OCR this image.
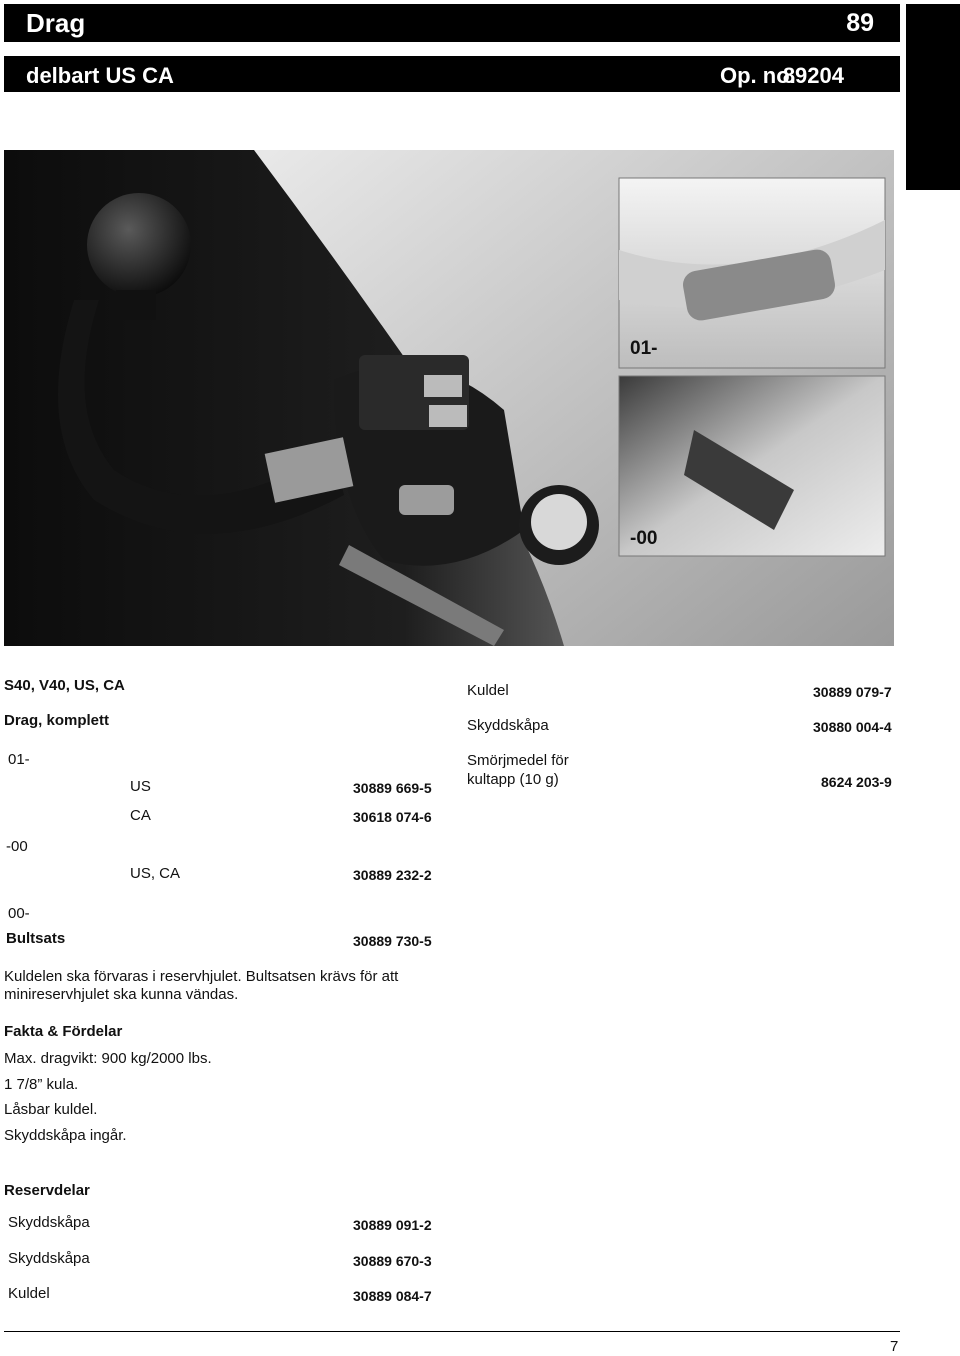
Drag	89
delbart US CA	Op. no.
89204
01-
-00
S40, V40, US, CA
Drag, komplett
01-
US	30889 669-5
CA	30618 074-6
-00
US, CA	30889 232-2
00-
Bultsats	30889 730-5
Kuldel	30889 079-7
Skyddskåpa	30880 004-4
Smörjmedel för
kultapp (10 g)	8624 203-9
Kuldelen ska förvaras i reservhjulet. Bultsatsen krävs för att
minireservhjulet ska kunna vändas.
Fakta & Fördelar
Max. dragvikt: 900 kg/2000 lbs.
1 7/8” kula.
Låsbar kuldel.
Skyddskåpa ingår.
Reservdelar
Skyddskåpa	30889 091-2
Skyddskåpa	30889 670-3
Kuldel	30889 084-7
7
